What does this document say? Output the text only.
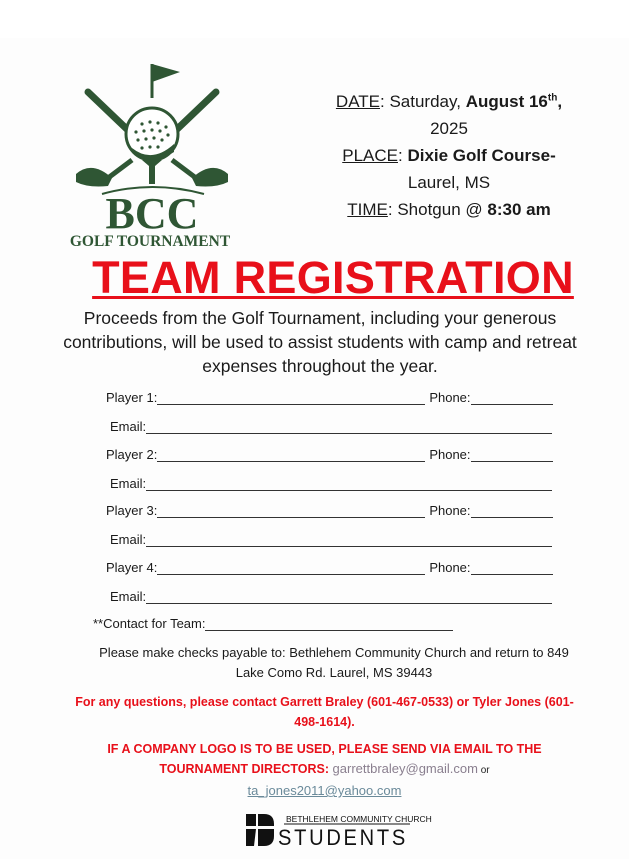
BCC
GOLF TOURNAMENT
DATE: Saturday, August 16th,
2025
PLACE: Dixie Golf Course-
Laurel, MS
TIME: Shotgun @ 8:30 am
TEAM REGISTRATION
Proceeds from the Golf Tournament, including your generous contributions, will be used to assist students with camp and retreat expenses throughout the year.
Player 1:	Phone:
Email:
Player 2:	Phone:
Email:
Player 3:	Phone:
Email:
Player 4:	Phone:
Email:
**Contact for Team:
Please make checks payable to: Bethlehem Community Church and return to 849 Lake Como Rd. Laurel, MS 39443
For any questions, please contact Garrett Braley (601-467-0533) or Tyler Jones (601-498-1614).
IF A COMPANY LOGO IS TO BE USED, PLEASE SEND VIA EMAIL TO THE TOURNAMENT DIRECTORS: garrettbraley@gmail.com or
ta_jones2011@yahoo.com
BETHLEHEM COMMUNITY CHURCH
STUDENTS
